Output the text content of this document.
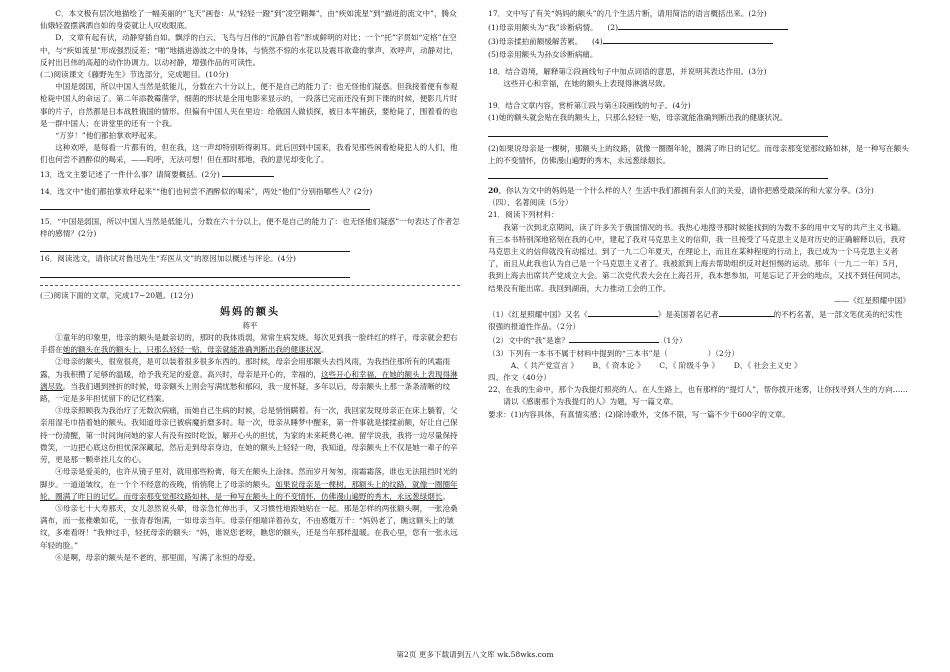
C．本文极有层次地描绘了一幅美丽的“飞天”画卷：从“轻轻一蹬”到“凌空翱舞”，由“疾如流星”到“描进韵流文中”，腾众仙娥轻盈摆满洒自如的身姿就让人叹收眼底。

D．文章有起有伏，动静穿插自如。飘浮的白云、飞鸟与吕伟的“沉静自若”形成鲜明的对比；一个“托”字贯如“定格”在空中，与“疾如流星”形成强烈反差；“啪”地插进游波之中的身体，与悄然不惊的水花以及震耳欲聋的掌声、欢呼声，动静对比，反衬出吕伟的高超的动作协调力。以动衬静，增强作品的可读性。

(二)阅读课文《藤野先生》节选部分，完成题目。(10分)

中国是弱国，所以中国人当然是低能儿，分数在六十分以上，便不是自己的能力了：也无怪他们疑惑。但我接着便有参观枪毙中国人的命运了。第二年添教霉菌学，细菌的形状是全用电影来显示的，一段落已完而还没有到下课的时候，便影几片时事的片子，自然都是日本战胜俄国的情形。但偏有中国人夹在里边：给俄国人做侦探，被日本军捕获，要枪毙了，围着看的也是一群中国人；在讲堂里的还有一个我。

“万岁！”他们都拍掌欢呼起来。

这种欢呼，是每看一片都有的，但在我，这一声却特别听得刺耳。此后回到中国来，我看见那些闲看枪毙犯人的人们，他们也何尝不酒醉似的喝采，——呜呼，无法可想！但在那时那地，我的意见却变化了。

13．选文主要记述了一件什么事？请简要概括。(2分)

14．选文中“他们都拍掌欢呼起来”“他们也何尝不酒醉似的喝采”，两处“他们”分别指哪些人？(2分)

15．“中国是弱国，所以中国人当然是低能儿，分数在六十分以上，便不是自己的能力了：也无怪他们疑惑”一句表达了作者怎样的感情？(2分)

16．阅读选文，请你试对鲁迅先生“弃医从文”的原因加以概述与评论。(4分)

(三)阅读下面的文章，完成17~20题。(12分)

妈妈的额头

蒋平

①童年的印象里，母亲的额头是最亲切的，那时的我体质弱，常常生病发烧。每次见到我一脸绊红的样子，母亲就会把右手搭在她的额头在我的额头上，只那么轻轻一贴，母亲就能准确判断出我的健康状况。

②母亲的额头，很宽很亮，是可以装着很多很多东西的。那时候，母亲会用那额头去挡风雨，为我挡住那所有的风霜雨露，为我积攒了足够的温暖，给予我充足的爱意。高兴时，母亲是开心的，幸福的，这些开心和幸福，在她的额头上表现得淋漓尽致。当我们遇到挫折的时候，母亲额头上则会写满忧愁和郁闷，我一度怀疑，多年以后，母亲额头上那一条条清晰的纹路，一定是多年担忧留下的记忆档案。

③母亲照顾我为我治疗了无数次病痛，而她自己生病的时候，总是悄悄瞒着。有一次，我回家发现母亲正在床上躺着，父亲用湿毛巾捂着她的额头。我知道母亲已被病魔折磨多时。每一次，母亲从睡梦中醒来，第一件事就是揉揉前额，好让自己保持一份清醒，第一时间询问她的家人有没有按时吃饭，解开心头的担忧，为家的未来耗费心神。留学说我，我将一边尽量保持微笑，一边把心底这份担忧深深藏起，然后走到母亲身边，在她的额头上轻轻一吻，我知道，母亲额头上不仅是她一辈子的辛劳，更是那一颗牵挂儿女的心。

④母亲是爱美的，也许从镜子里对，就用那些粉膏，每天在额头上涂抹。然而岁月匆匆，雨霜霜落，谁也无法阻挡时光的脚步。一道道皱纹，在一个个不经意的夜晚，悄悄爬上了母亲的额头。如果说母亲是一棵树，那额头上的纹路，就像一圈圈年轮，圈满了昨日的记忆。而母亲那变觉那纹路如林，是一种写在额头上的不变情怀，仿佛漫山遍野的秀木，永远葱绿烟长。

⑤母亲七十大寿那天，女儿忽然说头晕，母亲急忙伸出手，又习惯性地跟她贴在一起。那是怎样的两张额头啊，一张沧桑满布，而一张稚嫩如花，一张青春饱满，一如母亲当年。母亲仔细端详着孙女，不由感慨万千：“妈妈老了，瞧这额头上的皱纹，多难看呀！”我伸过手，轻抚母亲的额头：“妈，谁说您老呀，瞧您的额头，还是当年那样温暖。在我心里，您有一张永远年轻的脸。”

⑥是啊，母亲的额头是不老的，那里面，写满了永恒的母爱。

17．文中写了有关“妈妈的额头”的几个生活片断，请用简洁的语言概括出来。(2分)

(1)母亲用额头为“我”诊断病情。 (2)

(3)母亲揉拍前额缓解苦累。 (4)

(5)母亲用额头为孙女诊断病痛。

18．结合语境，解释第②段画线句子中加点词语的意思，并说明其表达作用。(3分)

这些开心和幸福，在她的额头上表现得淋漓尽致。

19．结合文章内容，赏析第①段与第④段画线的句子。(4分)

(1)她的额头就会贴在我的额头上，只那么轻轻一贴，母亲就能准确判断出我的健康状况。

(2)如果说母亲是一棵树，那额头上的纹路，就像一圈圈年轮，圈满了昨日的记忆。而母亲那变觉那纹路如林，是一种写在额头上的不变情怀，仿佛漫山遍野的秀木，永远葱绿烟长。

20．你认为文中的妈妈是一个什么样的人？生活中我们都拥有亲人们的关爱，请你把感受最深的和大家分享。(3分)

（四）、名著阅读（5分）

21．阅读下列材料：

我第一次到北京期间，读了许多关于俄国情况的书。我热心地搜寻那时候能找到的为数不多的用中文写的共产主义书籍。有三本书特别深地铭刻在我的心中，建起了我对马克思主义的信仰，我一旦接受了马克思主义是对历史的正确解释以后，我对马克思主义的信仰就没有动摇过。到了一九二〇年夏天，在理论上，而且在某种程度的行动上，我已成为一个马克思主义者了，而且从此我也认为自己是一个马克思主义者了。我被派到上海去帮助组织反对赵恒惕的运动。那年（一九二一年）5月，我到上海去出席共产党成立大会。第二次党代表大会在上海召开，我本想参加，可是忘记了开会的地点，又找不到任何同志，结果没有能出席。我回到湖南，大力推动工会的工作。

——《红星照耀中国》

（1）《红星照耀中国》又名《	》是美国著名记者	的不朽名著，是一部文笔优美的纪实性很强的报道性作品。（2分）

（2）文中的“我”是谁？	（1分）

（3）下列有一本书不属于材料中提到的“三本书”是（	）（2分）

A、《 共产党宣言 》 B、《 资本论 》 C、《 阶级斗争 》 D、《 社会主义史 》

四、作文（40分）

22、在我的生命中，那个为我提灯照亮的人。在人生路上，也有那样的“提灯人”，帮你拨开迷雾，让你找寻到人生的方向……

请以《感谢那个为我提灯的人》为题，写一篇文章。

要求：(1)内容具体，有真情实感；(2)除诗歌外，文体不限，写一篇不少于600字的文章。

第2页 更多下载请到五八文库 wk.58wks.com
